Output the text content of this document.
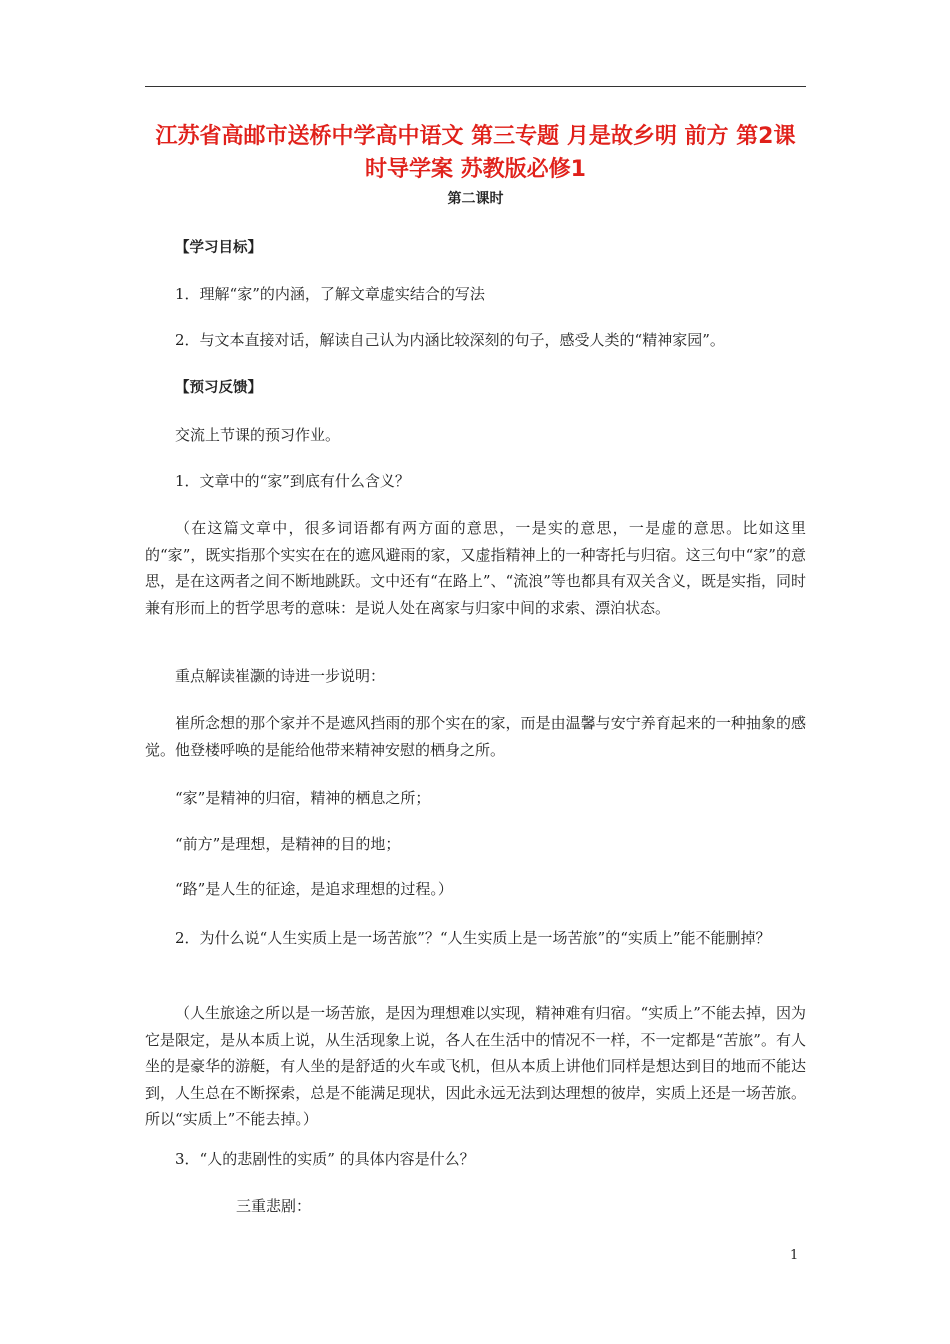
江苏省高邮市送桥中学高中语文 第三专题 月是故乡明 前方 第2课时导学案 苏教版必修1
第二课时
【学习目标】
1．理解“家”的内涵，了解文章虚实结合的写法
2．与文本直接对话，解读自己认为内涵比较深刻的句子，感受人类的“精神家园”。
【预习反馈】
交流上节课的预习作业。
1．文章中的“家”到底有什么含义？
（在这篇文章中，很多词语都有两方面的意思，一是实的意思，一是虚的意思。比如这里的“家”，既实指那个实实在在的遮风避雨的家，又虚指精神上的一种寄托与归宿。这三句中“家”的意思，是在这两者之间不断地跳跃。文中还有“在路上”、“流浪”等也都具有双关含义，既是实指，同时兼有形而上的哲学思考的意味：是说人处在离家与归家中间的求索、漂泊状态。
重点解读崔灏的诗进一步说明：
崔所念想的那个家并不是遮风挡雨的那个实在的家，而是由温馨与安宁养育起来的一种抽象的感觉。他登楼呼唤的是能给他带来精神安慰的栖身之所。
“家”是精神的归宿，精神的栖息之所；
“前方”是理想，是精神的目的地；
“路”是人生的征途，是追求理想的过程。）
2．为什么说“人生实质上是一场苦旅”？“人生实质上是一场苦旅”的“实质上”能不能删掉？
（人生旅途之所以是一场苦旅，是因为理想难以实现，精神难有归宿。“实质上”不能去掉，因为它是限定，是从本质上说，从生活现象上说，各人在生活中的情况不一样，不一定都是“苦旅”。有人坐的是豪华的游艇，有人坐的是舒适的火车或飞机，但从本质上讲他们同样是想达到目的地而不能达到，人生总在不断探索，总是不能满足现状，因此永远无法到达理想的彼岸，实质上还是一场苦旅。所以“实质上”不能去掉。）
3．“人的悲剧性的实质” 的具体内容是什么？
三重悲剧：
1
